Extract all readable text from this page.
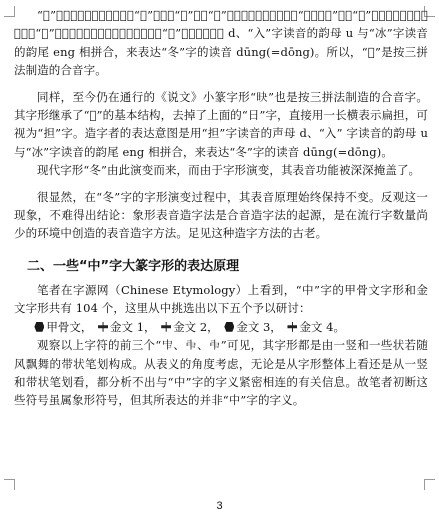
“𦦳”字的构成，中间也是一个“旦”字，在“旦”字的“日”和一横之间插入了一个“入（𠔿）”字，“入”字之下又添加了一个古文“冰”（仌）字。造字者的表达意图是用“旦”字读音的声母 d、“入”字读音的韵母 u 与“冰”字读音的韵尾 eng 相拼合，来表达“冬”字的读音 dūng(=dōng)。所以，“𦦳”是按三拼法制造的合音字。

同样，至今仍在通行的《说文》小篆字形“𣅡”也是按三拼法制造的合音字。其字形继承了“𦦳”的基本结构，去掉了上面的“日”字，直接用一长横表示扁担，可视为“担”字。造字者的表达意图是用“担”字读音的声母 d、“入” 字读音的韵母 u 与“冰”字读音的韵尾 eng 相拼合，来表达“冬”字的读音 dūng(=dōng)。

现代字形“冬”由此演变而来，而由于字形演变，其表音功能被深深掩盖了。

很显然，在“冬”字的字形演变过程中，其表音原理始终保持不变。反观这一现象，不难得出结论：象形表音造字法是合音造字法的起源，是在流行字数量尚少的环境中创造的表音造字方法。足见这种造字方法的古老。

二、一些“中”字大篆字形的表达原理

笔者在字源网（Chinese Etymology）上看到，“中”字的甲骨文字形和金文字形共有 104 个，这里从中挑选出以下五个予以研讨：

甲骨文， 金文 1， 金文 2， 金文 3， 金文 4。

观察以上字符的前三个“𠁦、𠁩、𠁩”可见，其字形都是由一竖和一些状若随风飘舞的带状笔划构成。从表义的角度考虑，无论是从字形整体上看还是从一竖和带状笔划看，都分析不出与“中”字的字义紧密相连的有关信息。故笔者初断这些符号虽属象形符号，但其所表达的并非“中”字的字义。

3
